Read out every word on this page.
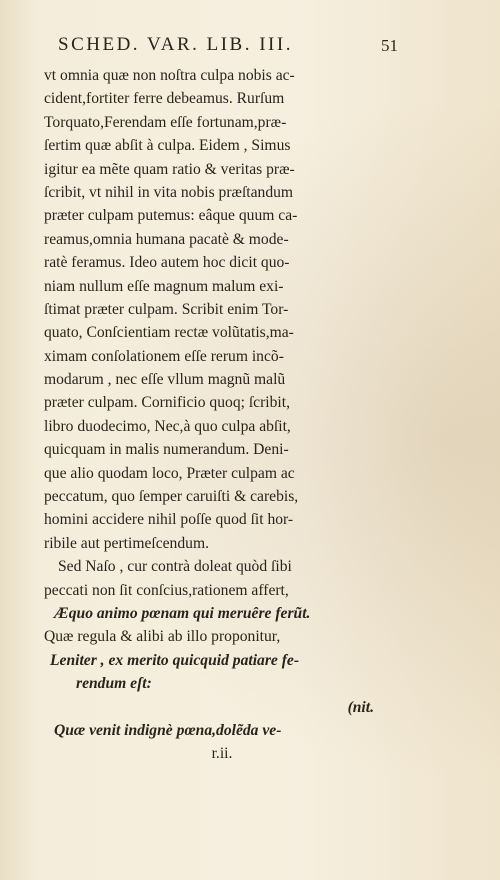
SCHED. VAR. LIB. III.	51
vt omnia quæ non noſtra culpa nobis ac-
cident,fortiter ferre debeamus. Rurſum
Torquato,Ferendam eſſe fortunam,præ-
ſertim quæ abſit à culpa. Eidem , Simus
igitur ea mẽte quam ratio & veritas præ-
ſcribit, vt nihil in vita nobis præſtandum
præter culpam putemus: eâque quum ca-
reamus,omnia humana pacatè & mode-
ratè feramus. Ideo autem hoc dicit quo-
niam nullum eſſe magnum malum exi-
ſtimat præter culpam. Scribit enim Tor-
quato, Conſcientiam rectæ volũtatis,ma-
ximam conſolationem eſſe rerum incõ-
modarum , nec eſſe vllum magnũ malũ
præter culpam. Cornificio quoq; ſcribit,
libro duodecimo, Nec,à quo culpa abſit,
quicquam in malis numerandum. Deni-
que alio quodam loco, Præter culpam ac
peccatum, quo ſemper caruiſti & carebis,
homini accidere nihil poſſe quod ſit hor-
ribile aut pertimeſcendum.
Sed Naſo , cur contrà doleat quòd ſibi
peccati non ſit conſcius,rationem affert,
Æquo animo pœnam qui meruêre ferũt.
Quæ regula & alibi ab illo proponitur,
Leniter , ex merito quicquid patiare fe-
rendum eſt:
(nit.
Quæ venit indignè pœna,dolẽda ve-
r.ii.
